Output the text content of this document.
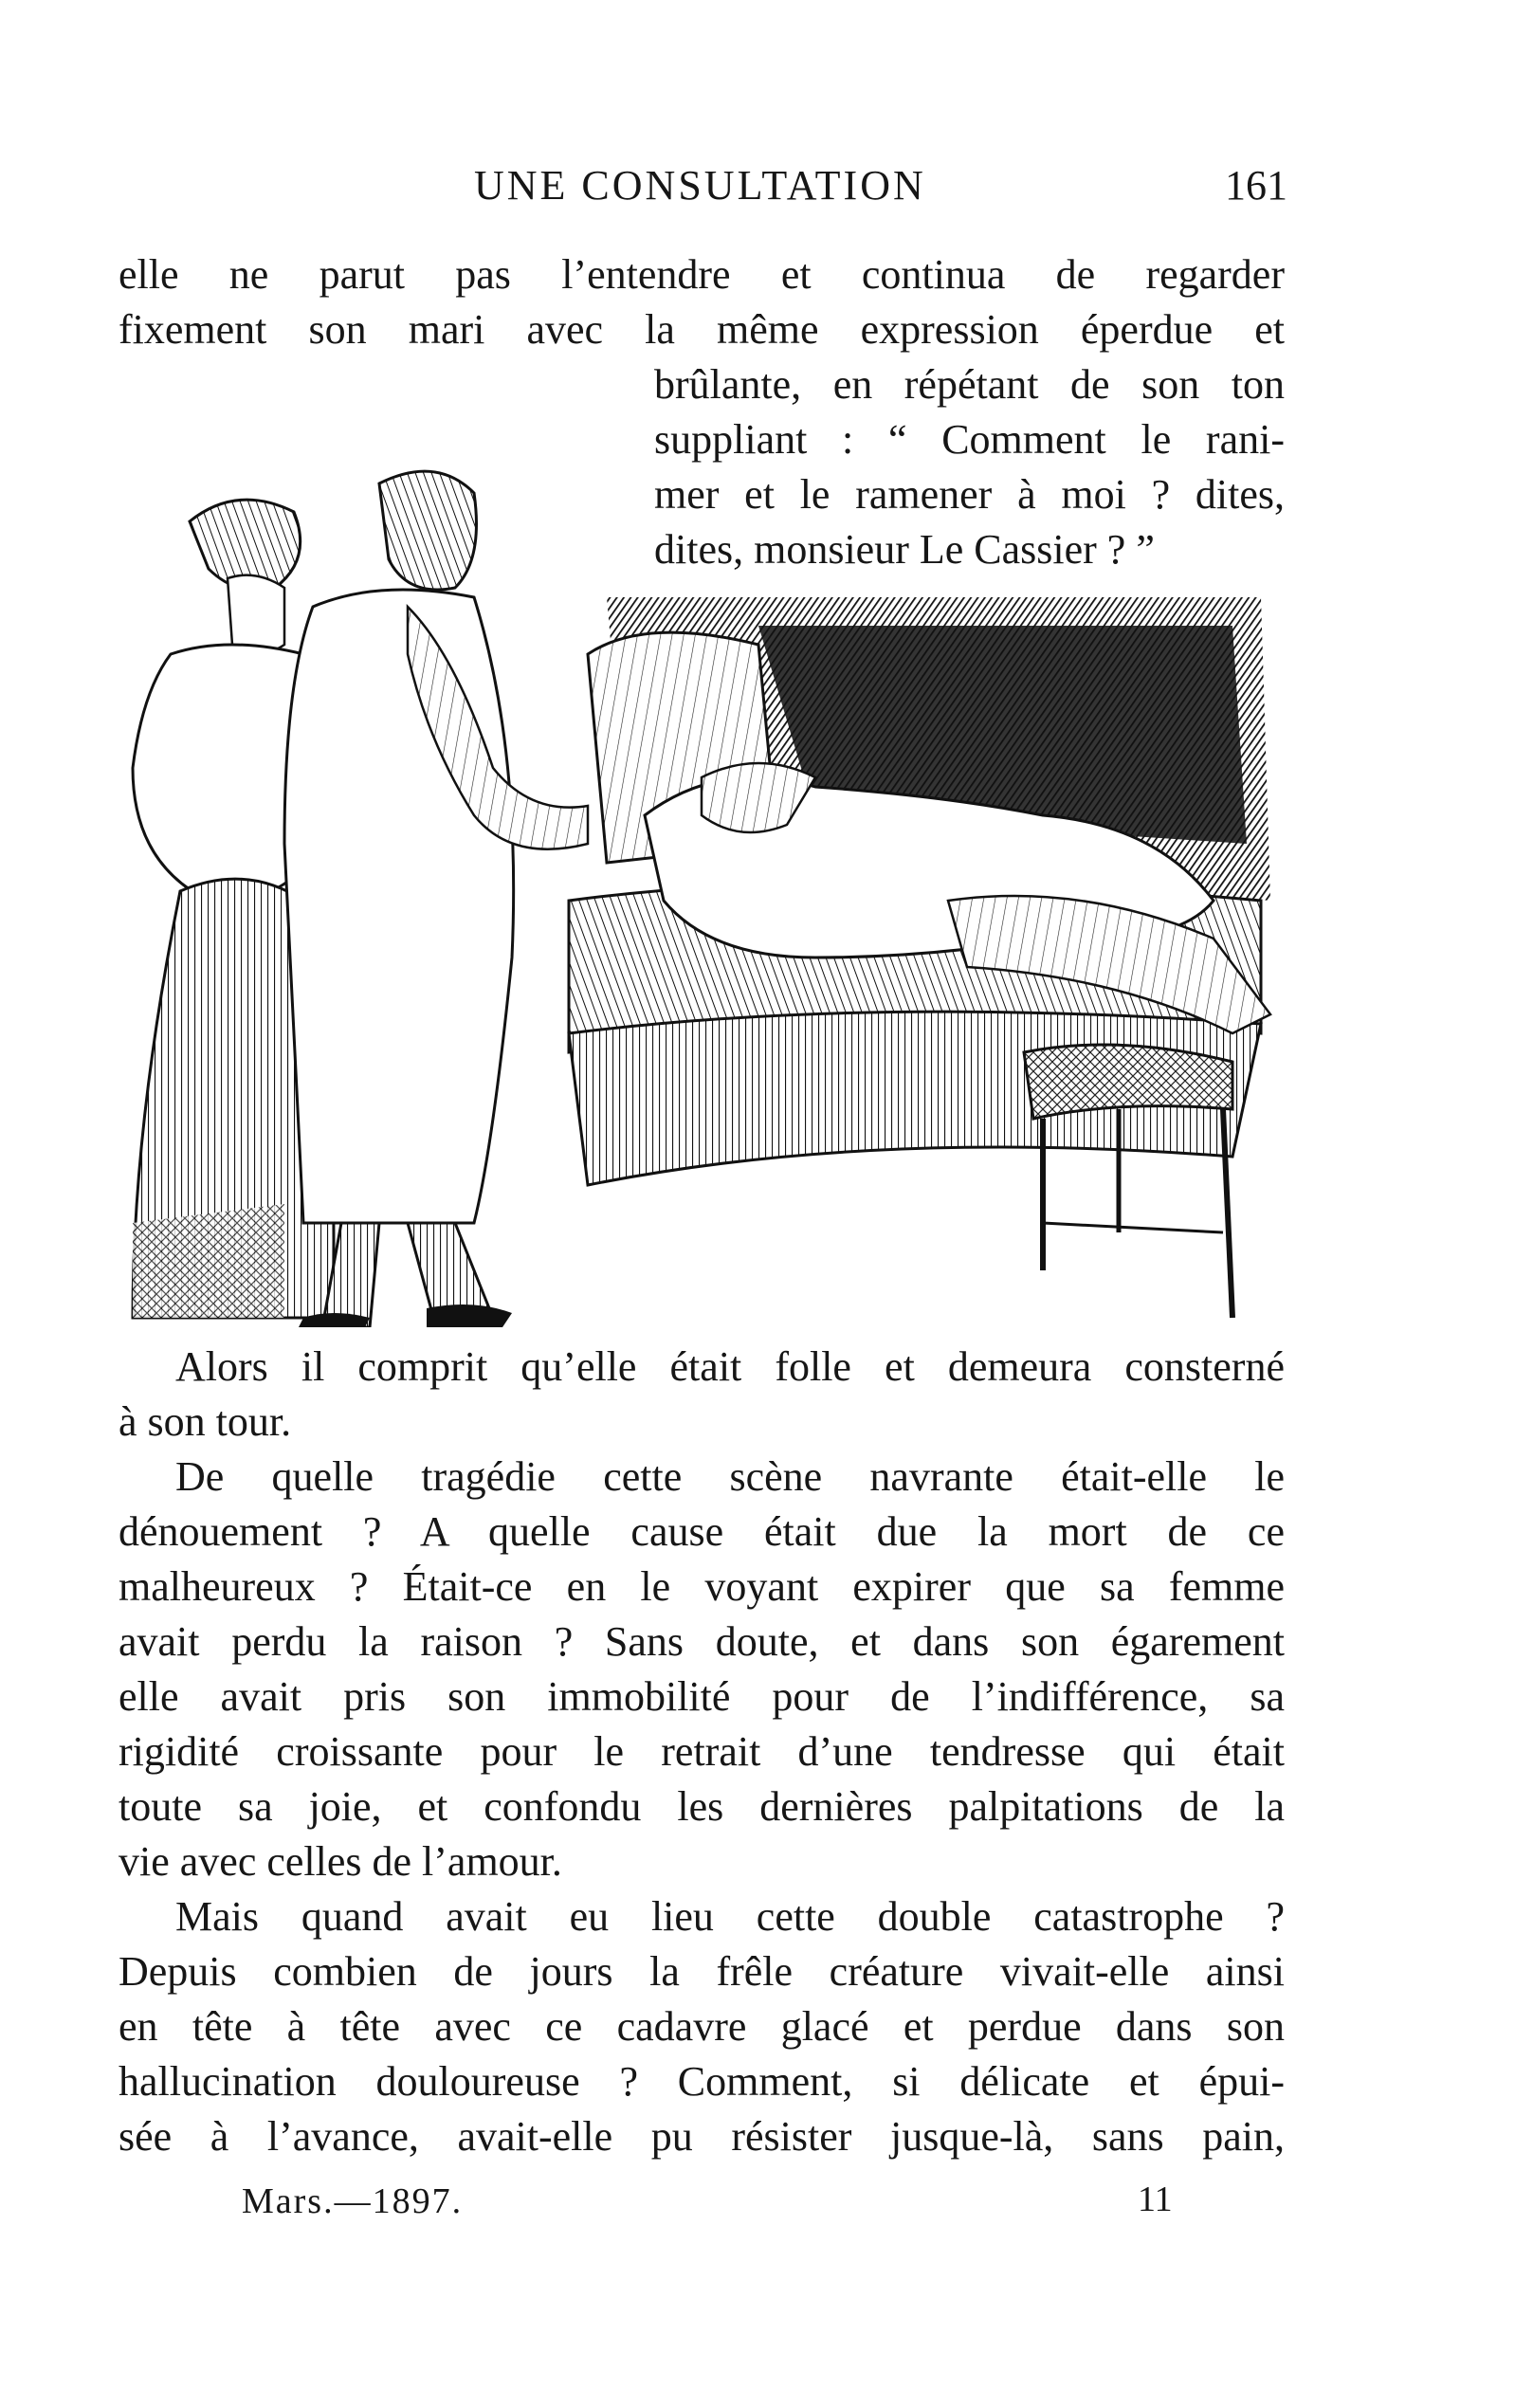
UNE CONSULTATION	161
elle ne parut pas l’entendre et continua de regarder
fixement son mari avec la même expression éperdue et
brûlante, en répétant de son ton
suppliant : “ Comment le rani-
mer et le ramener à moi ? dites,
dites, monsieur Le Cassier ? ”
Alors il comprit qu’elle était folle et demeura consterné
à son tour.
De quelle tragédie cette scène navrante était-elle le
dénouement ? A quelle cause était due la mort de ce
malheureux ? Était-ce en le voyant expirer que sa femme
avait perdu la raison ? Sans doute, et dans son égarement
elle avait pris son immobilité pour de l’indifférence, sa
rigidité croissante pour le retrait d’une tendresse qui était
toute sa joie, et confondu les dernières palpitations de la
vie avec celles de l’amour.
Mais quand avait eu lieu cette double catastrophe ?
Depuis combien de jours la frêle créature vivait-elle ainsi
en tête à tête avec ce cadavre glacé et perdue dans son
hallucination douloureuse ? Comment, si délicate et épui-
sée à l’avance, avait-elle pu résister jusque-là, sans pain,
Mars.—1897.	11
